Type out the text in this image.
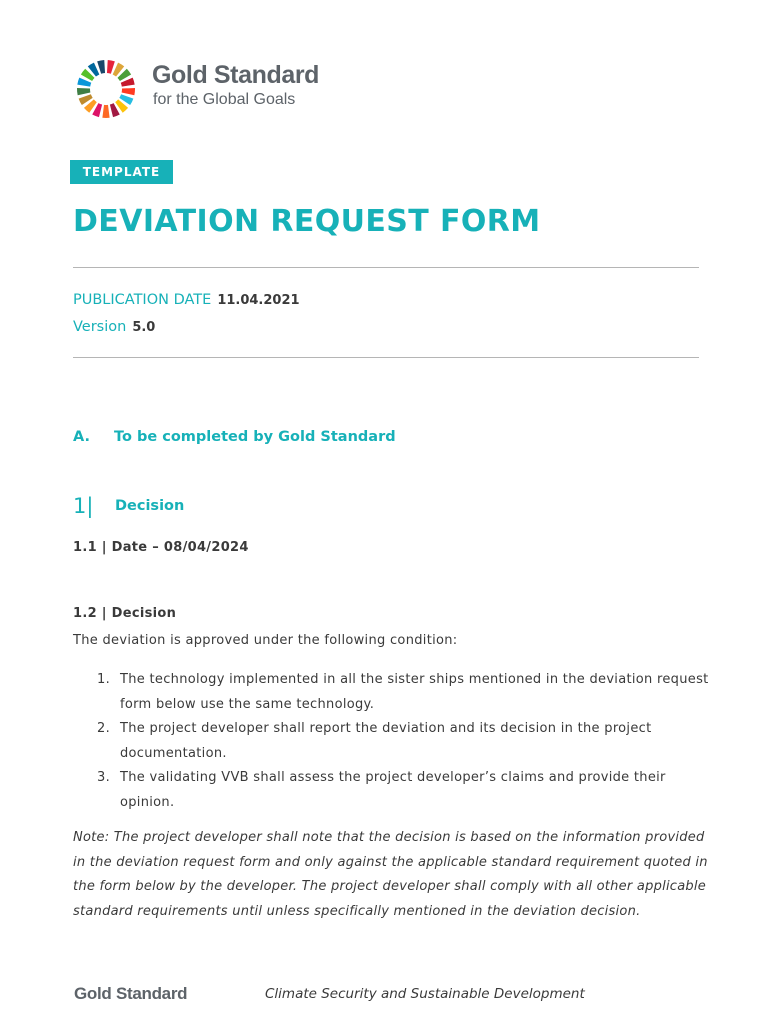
Gold Standard
for the Global Goals
TEMPLATE
DEVIATION REQUEST FORM
PUBLICATION DATE 11.04.2021
Version 5.0
A. To be completed by Gold Standard
1| Decision
1.1 | Date – 08/04/2024
1.2 | Decision
The deviation is approved under the following condition:
1. The technology implemented in all the sister ships mentioned in the deviation request form below use the same technology.
2. The project developer shall report the deviation and its decision in the project documentation.
3. The validating VVB shall assess the project developer’s claims and provide their opinion.
Note: The project developer shall note that the decision is based on the information provided in the deviation request form and only against the applicable standard requirement quoted in the form below by the developer. The project developer shall comply with all other applicable standard requirements until unless specifically mentioned in the deviation decision.
Gold Standard	Climate Security and Sustainable Development
